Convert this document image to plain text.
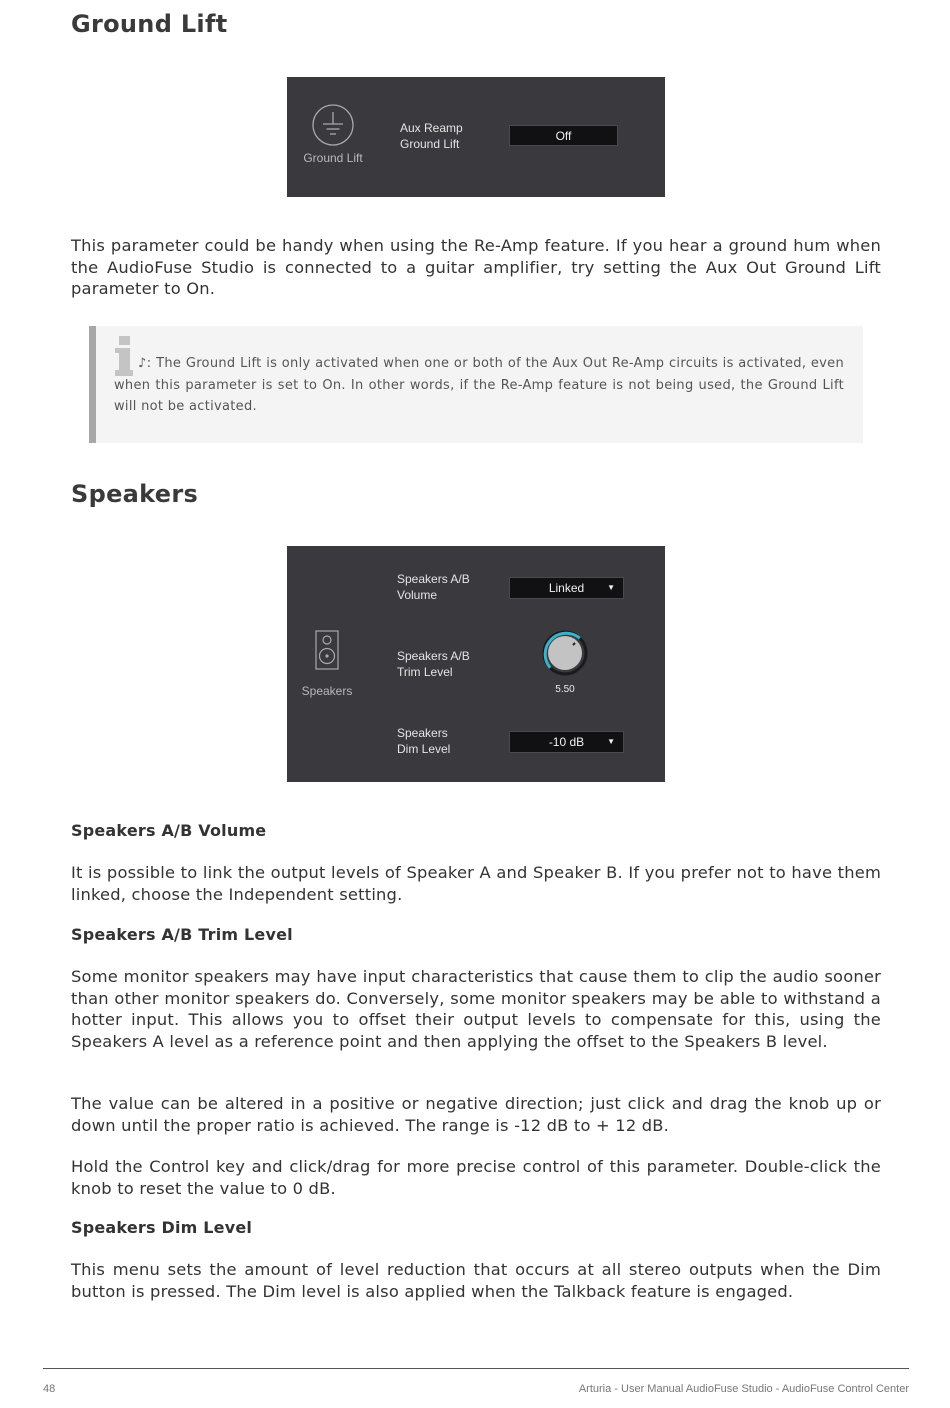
Ground Lift
Ground Lift
Aux Reamp
Ground Lift
Off

This parameter could be handy when using the Re-Amp feature. If you hear a ground hum when the AudioFuse Studio is connected to a guitar amplifier, try setting the Aux Out Ground Lift parameter to On.

♪: The Ground Lift is only activated when one or both of the Aux Out Re-Amp circuits is activated, even when this parameter is set to On. In other words, if the Re-Amp feature is not being used, the Ground Lift will not be activated.
Speakers
Speakers
Speakers A/B
Volume	Linked	▼
Speakers A/B
Trim Level
5.50
Speakers
Dim Level	-10 dB	▼
Speakers A/B Volume

It is possible to link the output levels of Speaker A and Speaker B. If you prefer not to have them linked, choose the Independent setting.

Speakers A/B Trim Level

Some monitor speakers may have input characteristics that cause them to clip the audio sooner than other monitor speakers do. Conversely, some monitor speakers may be able to withstand a hotter input. This allows you to offset their output levels to compensate for this, using the Speakers A level as a reference point and then applying the offset to the Speakers B level.

The value can be altered in a positive or negative direction; just click and drag the knob up or down until the proper ratio is achieved. The range is -12 dB to + 12 dB.

Hold the Control key and click/drag for more precise control of this parameter. Double-click the knob to reset the value to 0 dB.

Speakers Dim Level

This menu sets the amount of level reduction that occurs at all stereo outputs when the Dim button is pressed. The Dim level is also applied when the Talkback feature is engaged.

48	Arturia - User Manual AudioFuse Studio - AudioFuse Control Center
